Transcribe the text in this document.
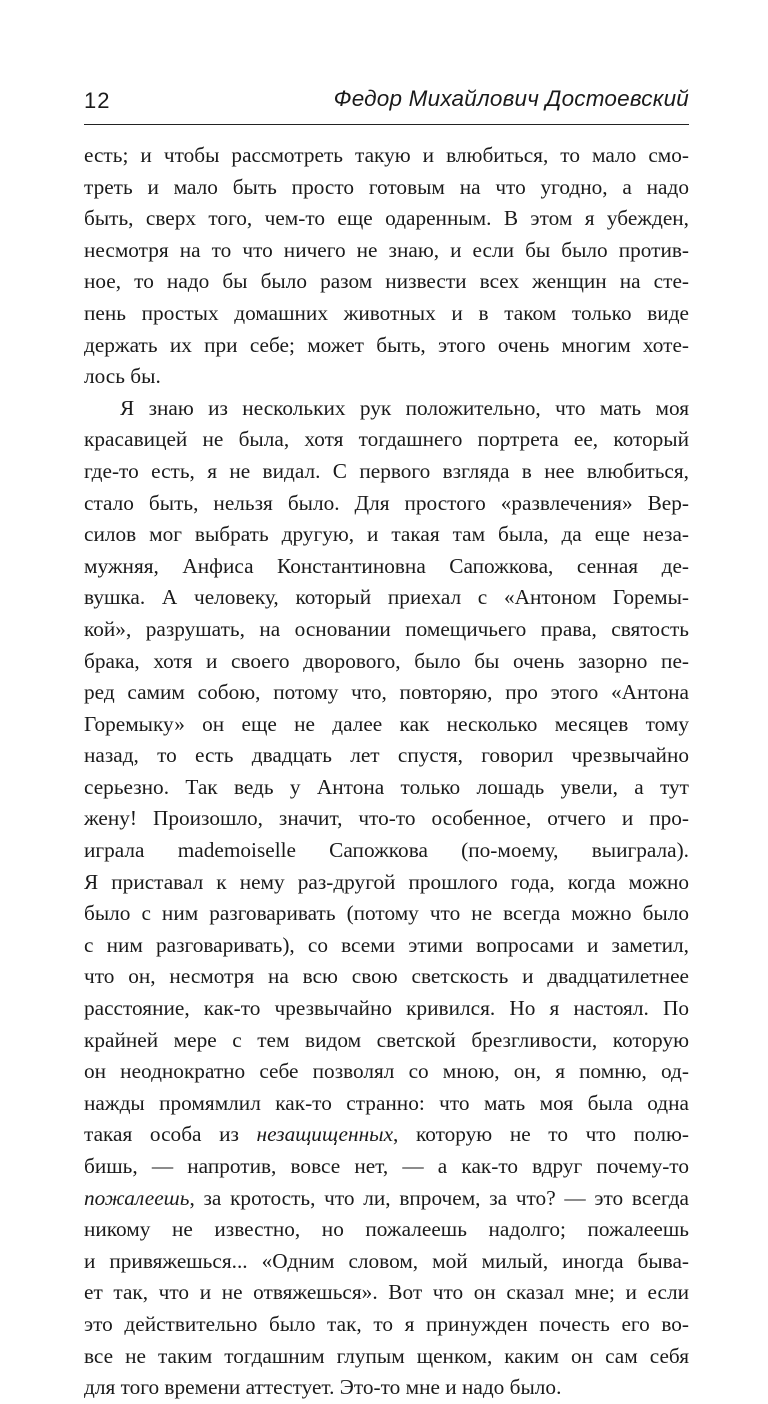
12	Федор Михайлович Достоевский
есть; и чтобы рассмотреть такую и влюбиться, то мало смо-
треть и мало быть просто готовым на что угодно, а надо
быть, сверх того, чем-то еще одаренным. В этом я убежден,
несмотря на то что ничего не знаю, и если бы было против-
ное, то надо бы было разом низвести всех женщин на сте-
пень простых домашних животных и в таком только виде
держать их при себе; может быть, этого очень многим хоте-
лось бы.
Я знаю из нескольких рук положительно, что мать моя
красавицей не была, хотя тогдашнего портрета ее, который
где-то есть, я не видал. С первого взгляда в нее влюбиться,
стало быть, нельзя было. Для простого «развлечения» Вер-
силов мог выбрать другую, и такая там была, да еще неза-
мужняя, Анфиса Константиновна Сапожкова, сенная де-
вушка. А человеку, который приехал с «Антоном Горемы-
кой», разрушать, на основании помещичьего права, святость
брака, хотя и своего дворового, было бы очень зазорно пе-
ред самим собою, потому что, повторяю, про этого «Антона
Горемыку» он еще не далее как несколько месяцев тому
назад, то есть двадцать лет спустя, говорил чрезвычайно
серьезно. Так ведь у Антона только лошадь увели, а тут
жену! Произошло, значит, что-то особенное, отчего и про-
играла mademoiselle Сапожкова (по-моему, выиграла).
Я приставал к нему раз-другой прошлого года, когда можно
было с ним разговаривать (потому что не всегда можно было
с ним разговаривать), со всеми этими вопросами и заметил,
что он, несмотря на всю свою светскость и двадцатилетнее
расстояние, как-то чрезвычайно кривился. Но я настоял. По
крайней мере с тем видом светской брезгливости, которую
он неоднократно себе позволял со мною, он, я помню, од-
нажды промямлил как-то странно: что мать моя была одна
такая особа из незащищенных, которую не то что полю-
бишь, — напротив, вовсе нет, — а как-то вдруг почему-то
пожалеешь, за кротость, что ли, впрочем, за что? — это всегда
никому не известно, но пожалеешь надолго; пожалеешь
и привяжешься... «Одним словом, мой милый, иногда быва-
ет так, что и не отвяжешься». Вот что он сказал мне; и если
это действительно было так, то я принужден почесть его во-
все не таким тогдашним глупым щенком, каким он сам себя
для того времени аттестует. Это-то мне и надо было.
